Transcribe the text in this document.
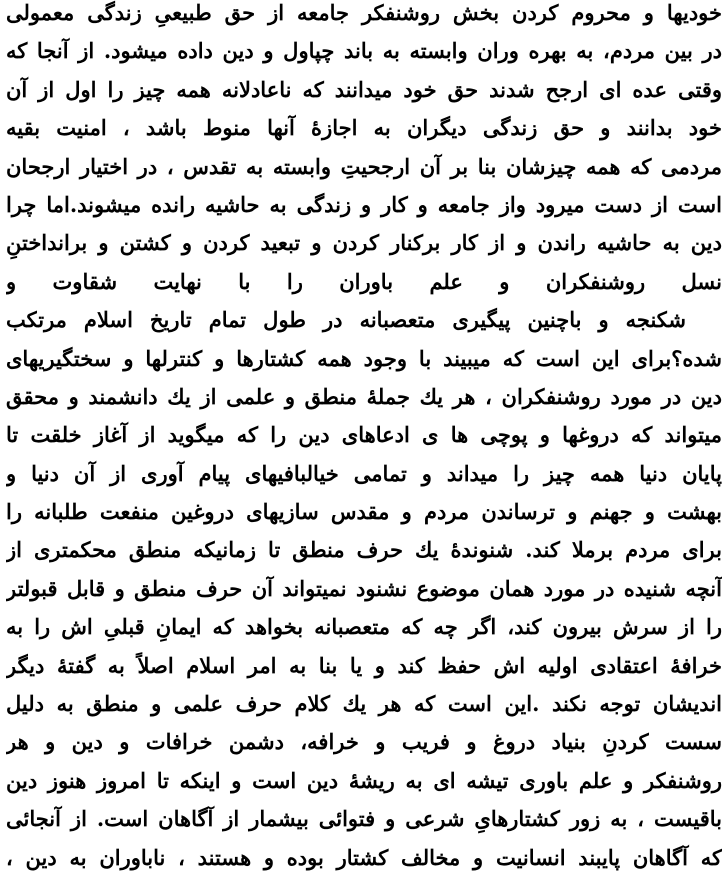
خودیها و محروم کردن بخش روشنفکر جامعه از حق طبیعیِ زندگی معمولی
در بین مردم، به بهره وران وابسته به باند چپاول و دین داده میشود. از آنجا که
وقتی عده ای ارجح شدند حق خود میدانند که ناعادلانه همه چیز را اول از آن
خود بدانند و حق زندگی دیگران به اجازهٔ آنها منوط باشد ، امنیت بقیه
مردمی که همه چیزشان بنا بر آن ارجحیتِ وابسته به تقدس ، در اختیار ارجحان
است از دست میرود واز جامعه و کار و زندگی به حاشیه رانده میشوند.اما چرا
دین به حاشیه راندن و از کار برکنار کردن و تبعید کردن و کشتن و برانداختنِ
نسل روشنفکران و علم باوران را با نهایت شقاوت و
شکنجه و باچنین پیگیری متعصبانه در طول تمام تاریخ اسلام مرتکب
شده؟برای این است که میبیند با وجود همه کشتارها و کنترلها و سختگیریهای
دین در مورد روشنفکران ، هر یك جملهٔ منطق و علمی از یك دانشمند و محقق
میتواند که دروغها و پوچی ها ی ادعاهای دین را که میگوید از آغاز خلقت تا
پایان دنیا همه چیز را میداند و تمامی خیالبافیهای پیام آوری از آن دنیا و
بهشت و جهنم و ترساندن مردم و مقدس سازیهای دروغین منفعت طلبانه را
برای مردم برملا کند. شنوندهٔ یك حرف منطق تا زمانیکه منطق محکمتری از
آنچه شنیده در مورد همان موضوع نشنود نمیتواند آن حرف منطق و قابل قبولتر
را از سرش بیرون کند، اگر چه که متعصبانه بخواهد که ایمانِ قبلیِ اش را به
خرافهٔ اعتقادی اولیه اش حفظ کند و یا بنا به امر اسلام اصلاً به گفتهٔ دیگر
اندیشان توجه نکند .این است که هر یك کلام حرف علمی و منطق به دلیل
سست کردنِ بنیاد دروغ و فریب و خرافه، دشمن خرافات و دین و هر
روشنفکر و علم باوری تیشه ای به ریشهٔ دین است و اینکه تا امروز هنوز دین
باقیست ، به زور کشتارهایِ شرعی و فتوائی بیشمار از آگاهان است. از آنجائی
که آگاهان پایبند انسانیت و مخالف کشتار بوده و هستند ، ناباوران به دین ،
